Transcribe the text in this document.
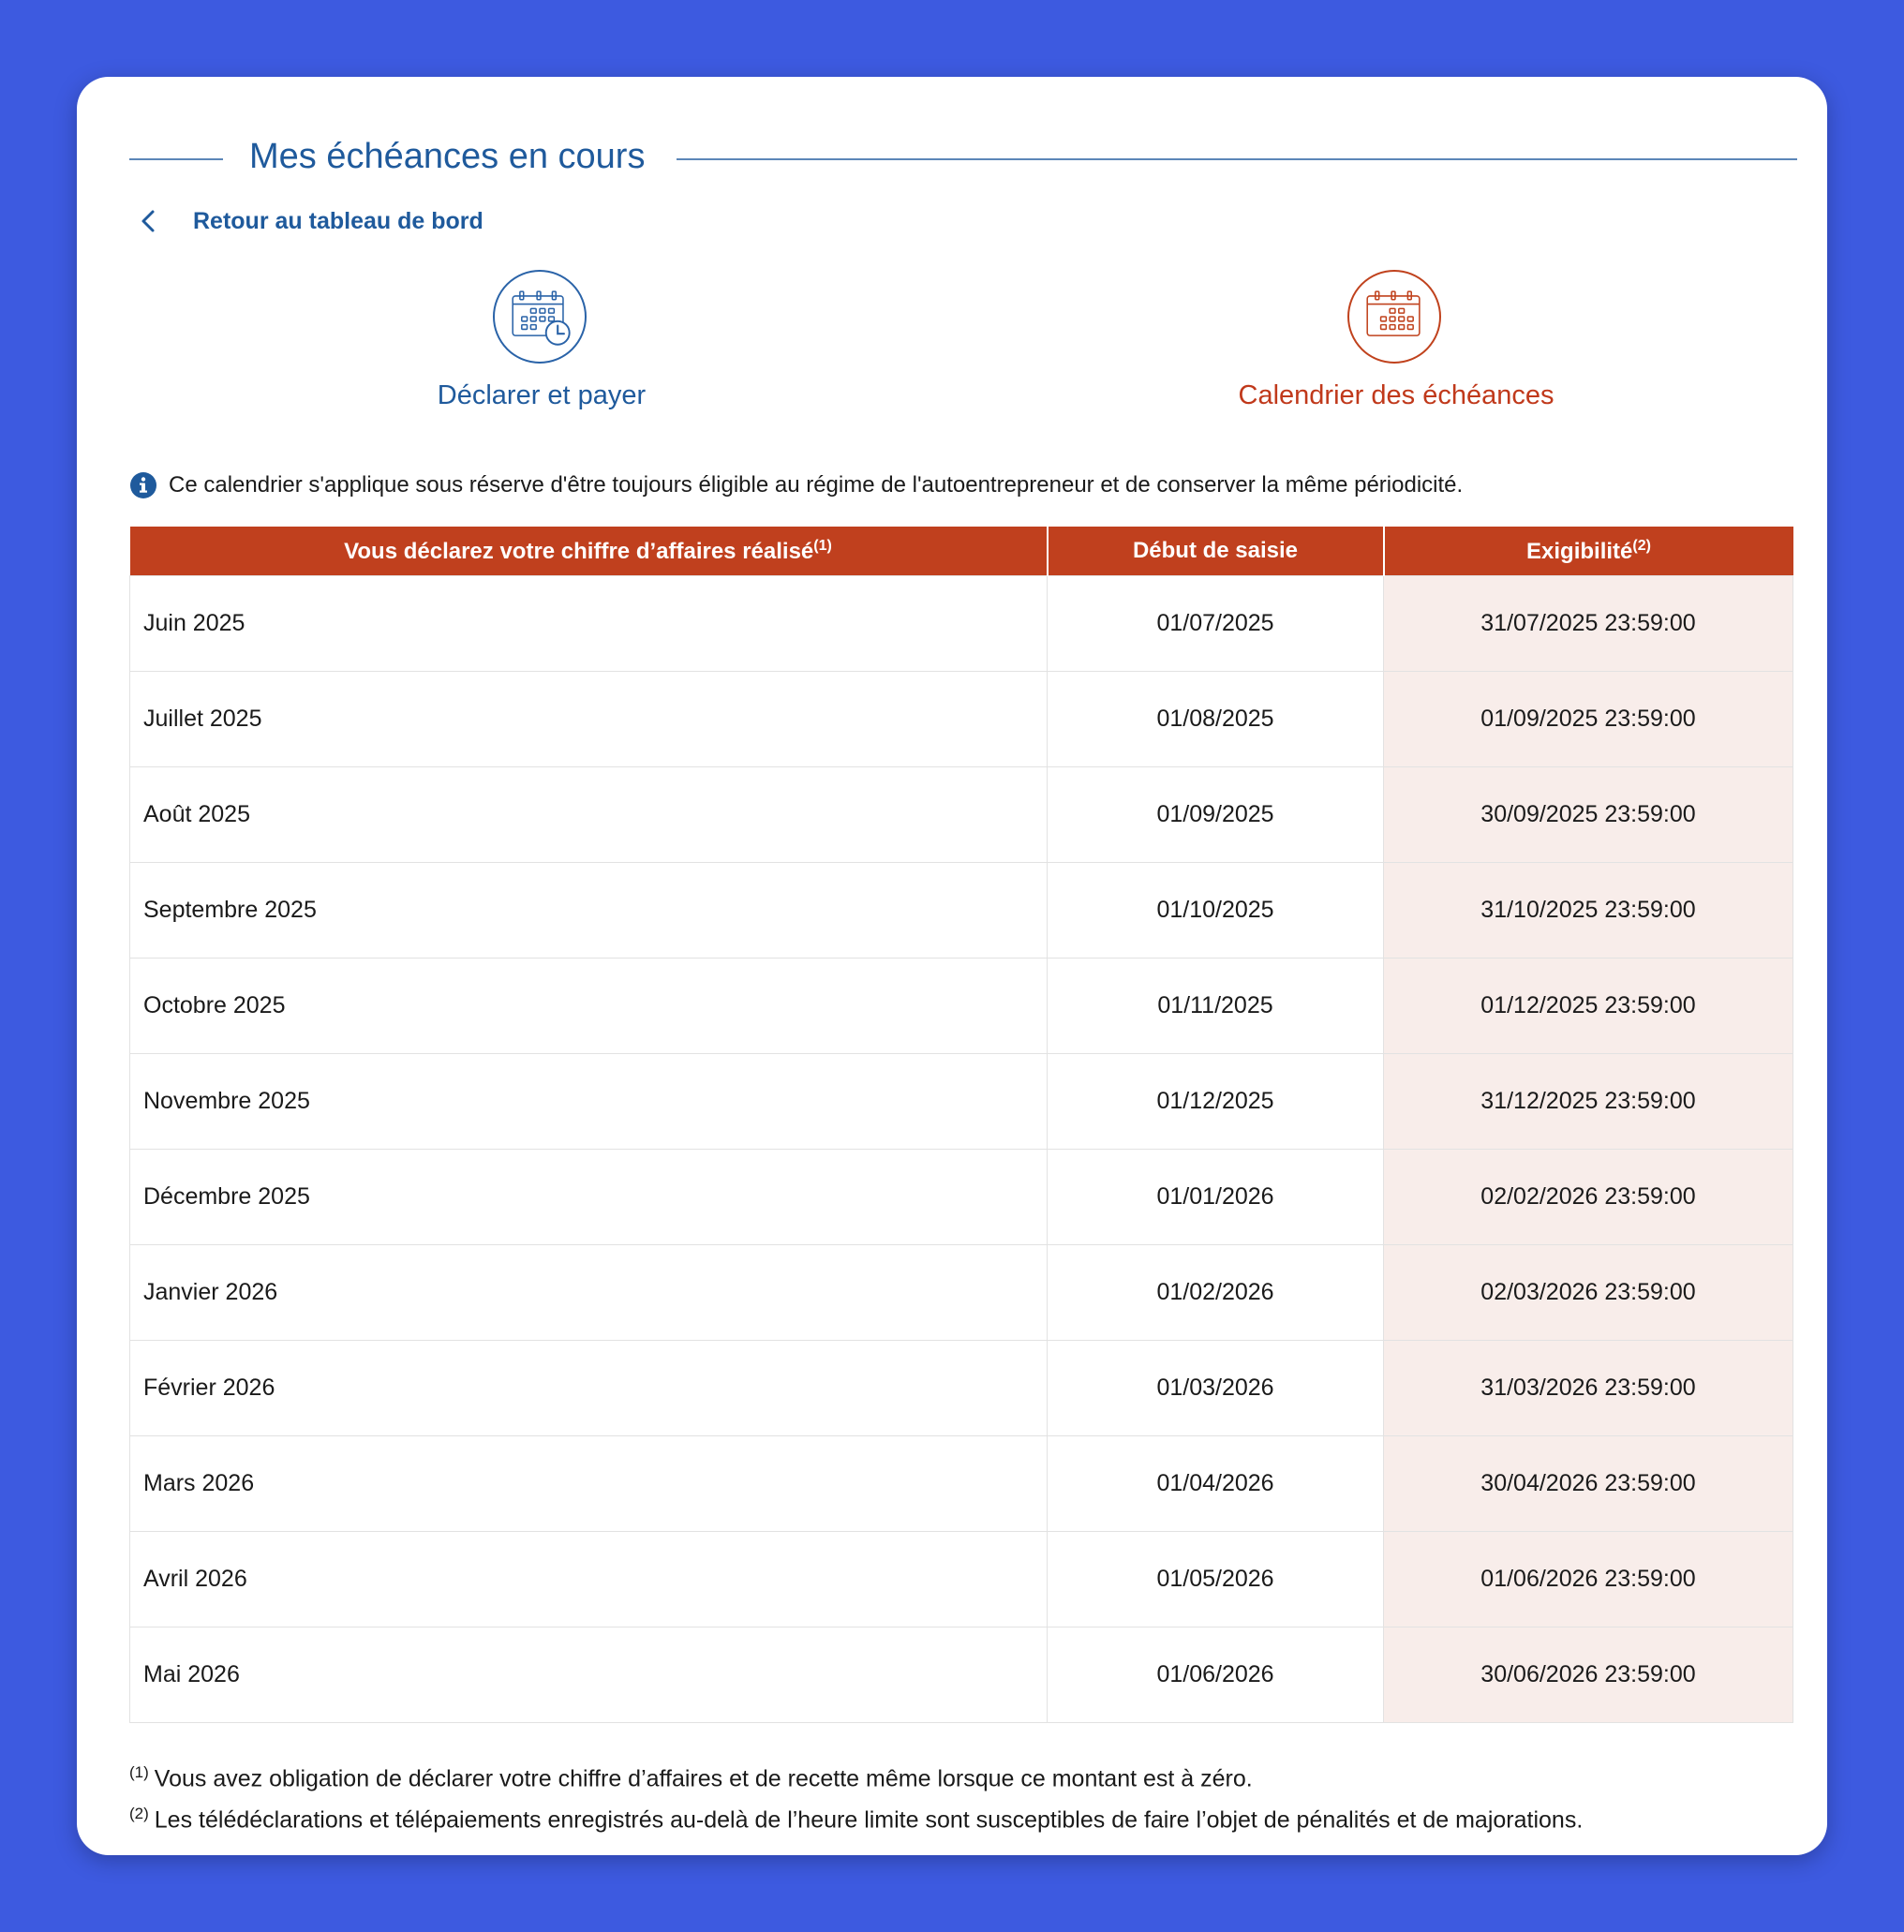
Mes échéances en cours
Retour au tableau de bord
Déclarer et payer	Calendrier des échéances
Ce calendrier s'applique sous réserve d'être toujours éligible au régime de l'autoentrepreneur et de conserver la même périodicité.
Vous déclarez votre chiffre d’affaires réalisé$^{(1)}$	Début de saisie	Exigibilité$^{(2)}$
Juin 2025	01/07/2025	31/07/2025 23:59:00
Juillet 2025	01/08/2025	01/09/2025 23:59:00
Août 2025	01/09/2025	30/09/2025 23:59:00
Septembre 2025	01/10/2025	31/10/2025 23:59:00
Octobre 2025	01/11/2025	01/12/2025 23:59:00
Novembre 2025	01/12/2025	31/12/2025 23:59:00
Décembre 2025	01/01/2026	02/02/2026 23:59:00
Janvier 2026	01/02/2026	02/03/2026 23:59:00
Février 2026	01/03/2026	31/03/2026 23:59:00
Mars 2026	01/04/2026	30/04/2026 23:59:00
Avril 2026	01/05/2026	01/06/2026 23:59:00
Mai 2026	01/06/2026	30/06/2026 23:59:00
$^{(1)}$ Vous avez obligation de déclarer votre chiffre d’affaires et de recette même lorsque ce montant est à zéro.
$^{(2)}$ Les télédéclarations et télépaiements enregistrés au-delà de l’heure limite sont susceptibles de faire l’objet de pénalités et de majorations.
